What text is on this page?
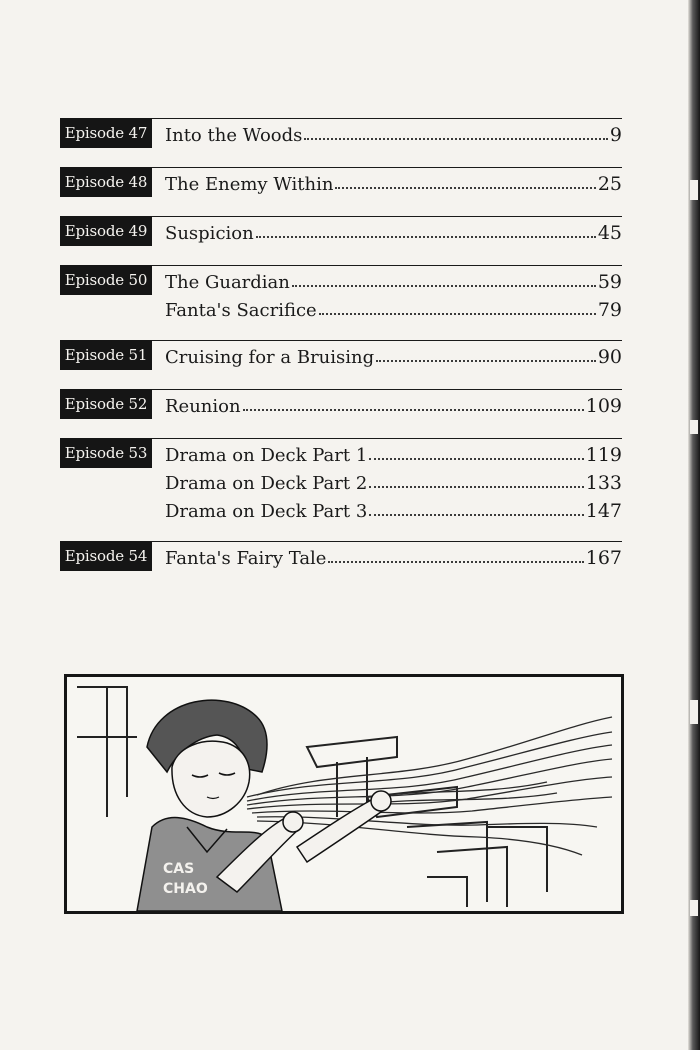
Episode 47 Into the Woods	9
Episode 48 The Enemy Within	25
Episode 49 Suspicion	45
Episode 50 The Guardian	59
Fanta's Sacrifice	79
Episode 51 Cruising for a Bruising	90
Episode 52 Reunion	109
Episode 53 Drama on Deck Part 1	119
Drama on Deck Part 2	133
Drama on Deck Part 3	147
Episode 54 Fanta's Fairy Tale	167
CAS
CHAO
